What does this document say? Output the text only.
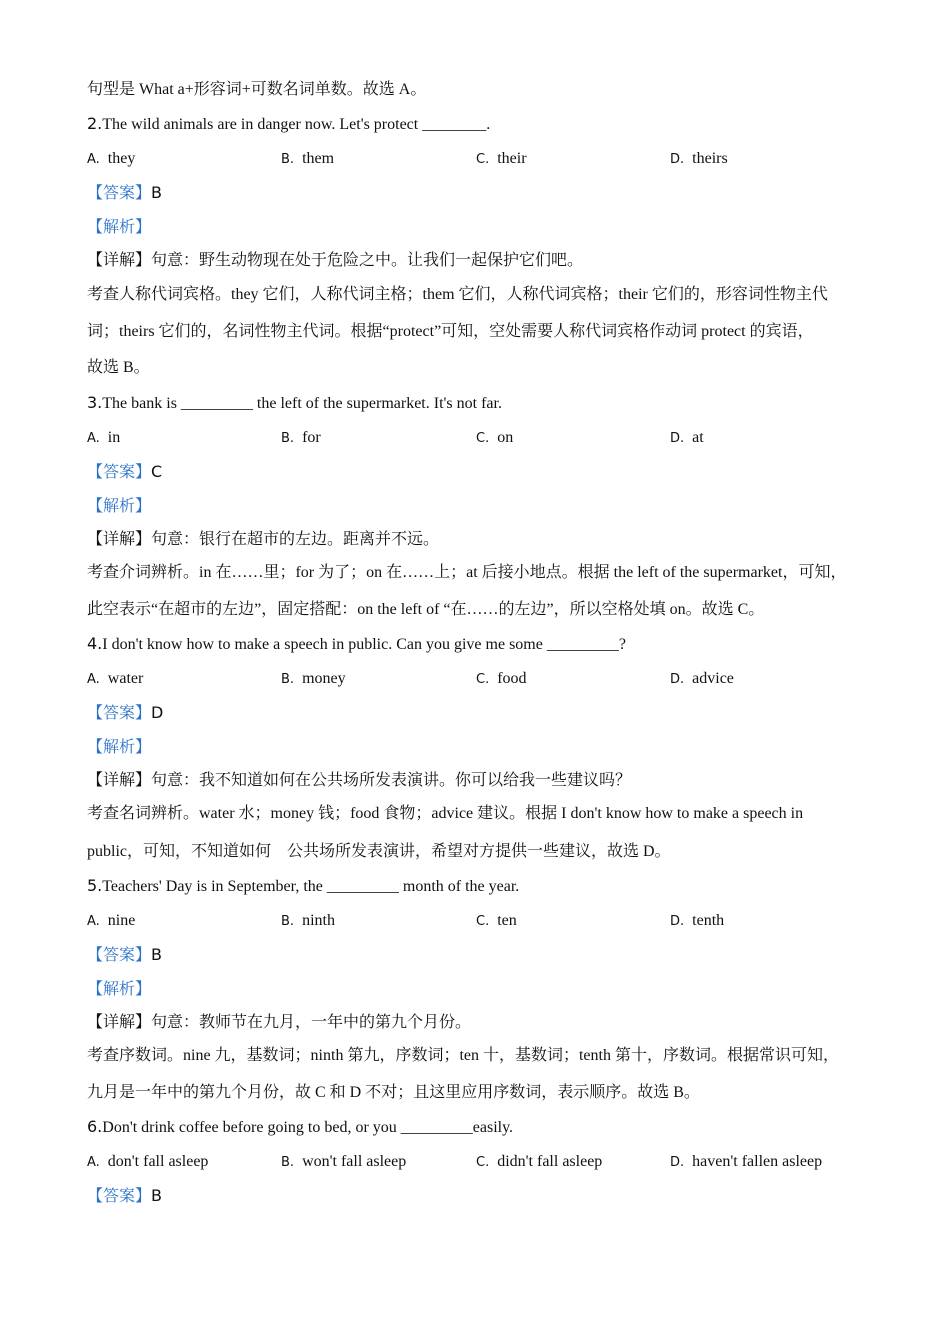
句型是 What a+形容词+可数名词单数。故选 A。
2.The wild animals are in danger now. Let's protect ________.
A. they	B. them	C. their	D. theirs
【答案】B
【解析】
【详解】句意：野生动物现在处于危险之中。让我们一起保护它们吧。
考查人称代词宾格。they 它们，人称代词主格；them 它们，人称代词宾格；their 它们的，形容词性物主代
词；theirs 它们的，名词性物主代词。根据“protect”可知，空处需要人称代词宾格作动词 protect 的宾语，
故选 B。
3.The bank is _________ the left of the supermarket. It's not far.
A. in	B. for	C. on	D. at
【答案】C
【解析】
【详解】句意：银行在超市的左边。距离并不远。
考查介词辨析。in 在……里；for 为了；on 在……上；at 后接小地点。根据 the left of the supermarket，可知，
此空表示“在超市的左边”，固定搭配：on the left of “在……的左边”，所以空格处填 on。故选 C。
4.I don't know how to make a speech in public. Can you give me some _________?
A. water	B. money	C. food	D. advice
【答案】D
【解析】
【详解】句意：我不知道如何在公共场所发表演讲。你可以给我一些建议吗？
考查名词辨析。water 水；money 钱；food 食物；advice 建议。根据 I don't know how to make a speech in
public，可知，不知道如何　公共场所发表演讲，希望对方提供一些建议，故选 D。
5.Teachers' Day is in September, the _________ month of the year.
A. nine	B. ninth	C. ten	D. tenth
【答案】B
【解析】
【详解】句意：教师节在九月，一年中的第九个月份。
考查序数词。nine 九，基数词；ninth 第九，序数词；ten 十，基数词；tenth 第十，序数词。根据常识可知，
九月是一年中的第九个月份，故 C 和 D 不对；且这里应用序数词，表示顺序。故选 B。
6.Don't drink coffee before going to bed, or you _________easily.
A. don't fall asleep	B. won't fall asleep	C. didn't fall asleep	D. haven't fallen asleep
【答案】B
